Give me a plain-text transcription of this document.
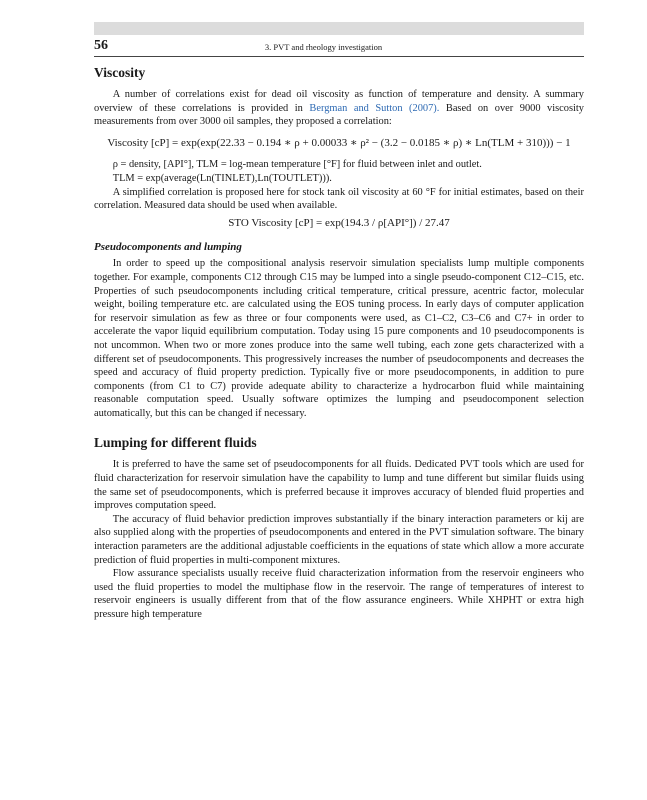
56	3. PVT and rheology investigation
Viscosity

A number of correlations exist for dead oil viscosity as function of temperature and density. A summary overview of these correlations is provided in Bergman and Sutton (2007). Based on over 9000 viscosity measurements from over 3000 oil samples, they proposed a correlation:

Viscosity [cP] = exp(exp(22.33 − 0.194 ∗ ρ + 0.00033 ∗ ρ² − (3.2 − 0.0185 ∗ ρ) ∗ Ln(TLM + 310))) − 1
ρ = density, [API°], TLM = log-mean temperature [°F] for fluid between inlet and outlet.
TLM = exp(average(Ln(TINLET),Ln(TOUTLET))).

A simplified correlation is proposed here for stock tank oil viscosity at 60 °F for initial estimates, based on their correlation. Measured data should be used when available.

STO Viscosity [cP] = exp(194.3 / ρ[API°]) / 27.47
Pseudocomponents and lumping

In order to speed up the compositional analysis reservoir simulation specialists lump multiple components together. For example, components C12 through C15 may be lumped into a single pseudo-component C12–C15, etc. Properties of such pseudocomponents including critical temperature, critical pressure, acentric factor, molecular weight, boiling temperature etc. are calculated using the EOS tuning process. In early days of computer application for reservoir simulation as few as three or four components were used, as C1–C2, C3–C6 and C7+ in order to accelerate the vapor liquid equilibrium computation. Today using 15 pure components and 10 pseudocomponents is not uncommon. When two or more zones produce into the same well tubing, each zone gets characterized with a different set of pseudocomponents. This progressively increases the number of pseudocomponents and decreases the speed and accuracy of fluid property prediction. Typically five or more pseudocomponents, in addition to pure components (from C1 to C7) provide adequate ability to characterize a hydrocarbon fluid while maintaining reasonable computation speed. Usually software optimizes the lumping and pseudocomponent selection automatically, but this can be changed if necessary.

Lumping for different fluids

It is preferred to have the same set of pseudocomponents for all fluids. Dedicated PVT tools which are used for fluid characterization for reservoir simulation have the capability to lump and tune different but similar fluids using the same set of pseudocomponents, which is preferred because it improves accuracy of blended fluid properties and improves computation speed.

The accuracy of fluid behavior prediction improves substantially if the binary interaction parameters or kij are also supplied along with the properties of pseudocomponents and entered in the PVT simulation software. The binary interaction parameters are the additional adjustable coefficients in the equations of state which allow a more accurate prediction of fluid properties in multi-component mixtures.

Flow assurance specialists usually receive fluid characterization information from the reservoir engineers who used the fluid properties to model the multiphase flow in the reservoir. The range of temperatures of interest to reservoir engineers is usually different from that of the flow assurance engineers. While XHPHT or extra high pressure high temperature
